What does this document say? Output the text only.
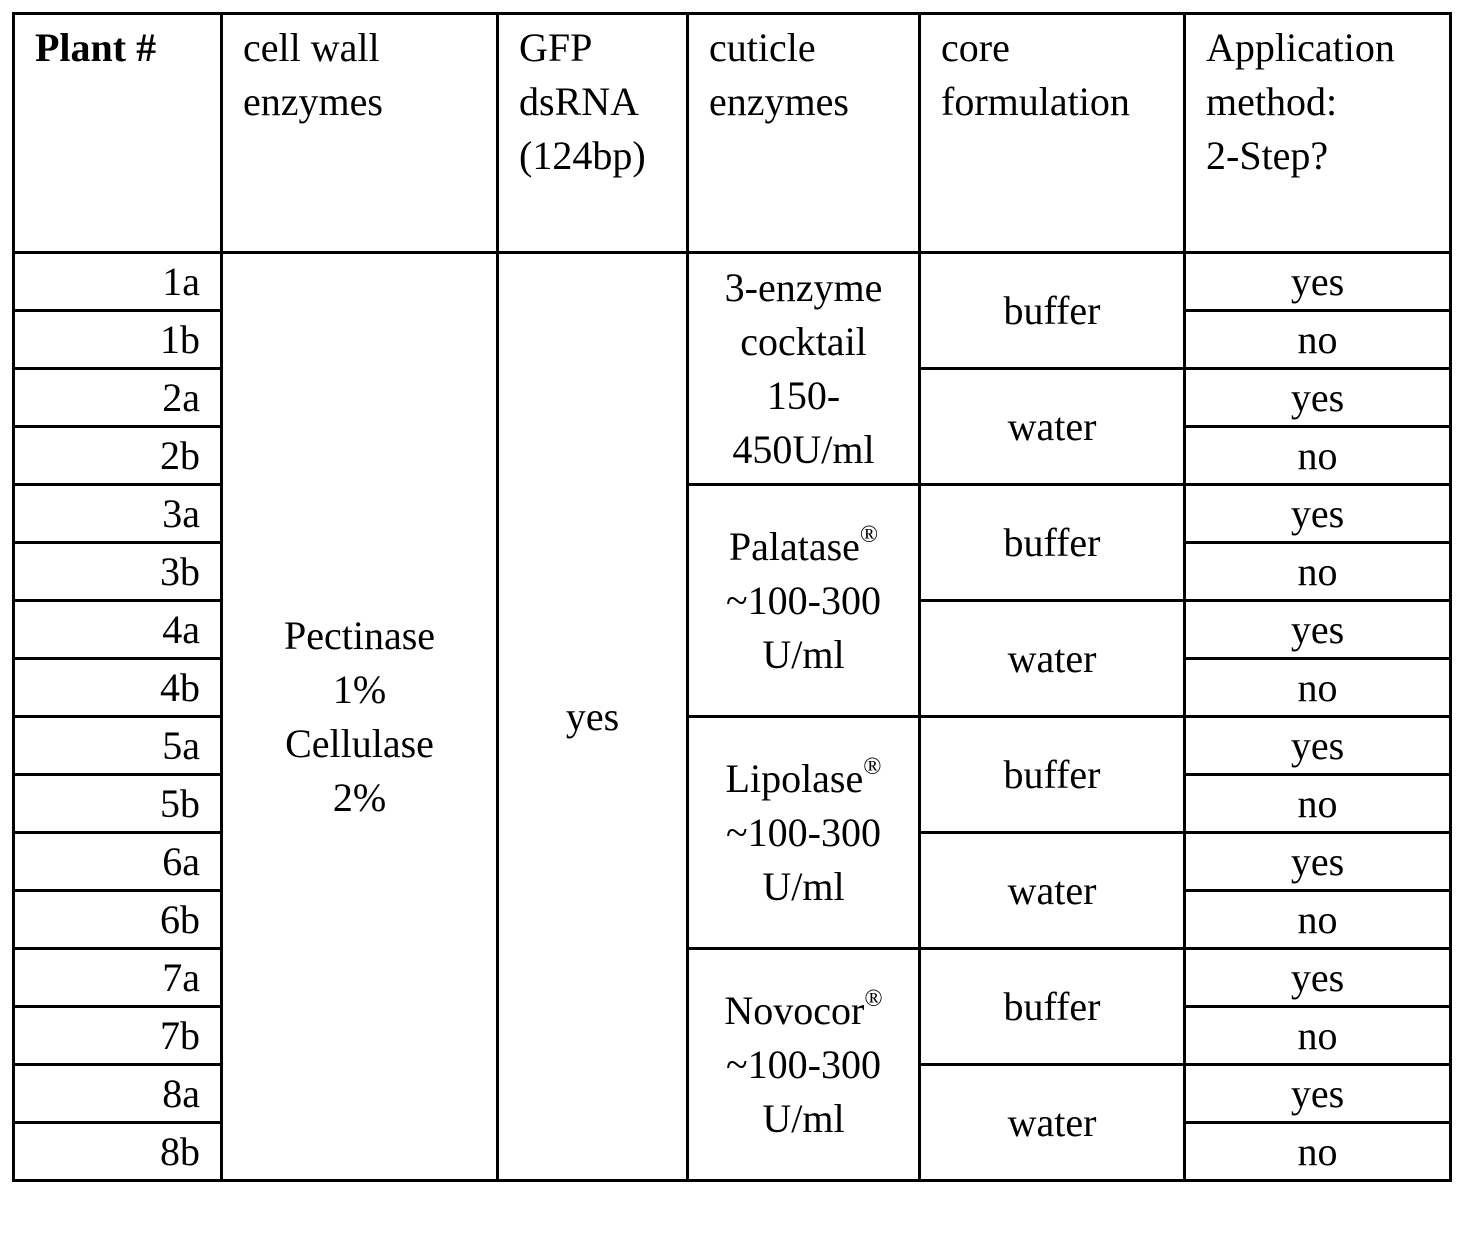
Plant #	cell wall
enzymes

GFP
dsRNA
(124bp)

cuticle
enzymes

core
formulation

Application
method:
2-Step?

1a	
Pectinase
1%
Cellulase
2%
	yes	
3-enzyme
cocktail
150-
450U/ml
	buffer	yes
1b	no
2a	water	yes
2b	no
3a	
Palatase®
~100-300
U/ml
	buffer	yes
3b	no
4a	water	yes
4b	no
5a	
Lipolase®
~100-300
U/ml
	buffer	yes
5b	no
6a	water	yes
6b	no
7a	
Novocor®
~100-300
U/ml
	buffer	yes
7b	no
8a	water	yes
8b	no
